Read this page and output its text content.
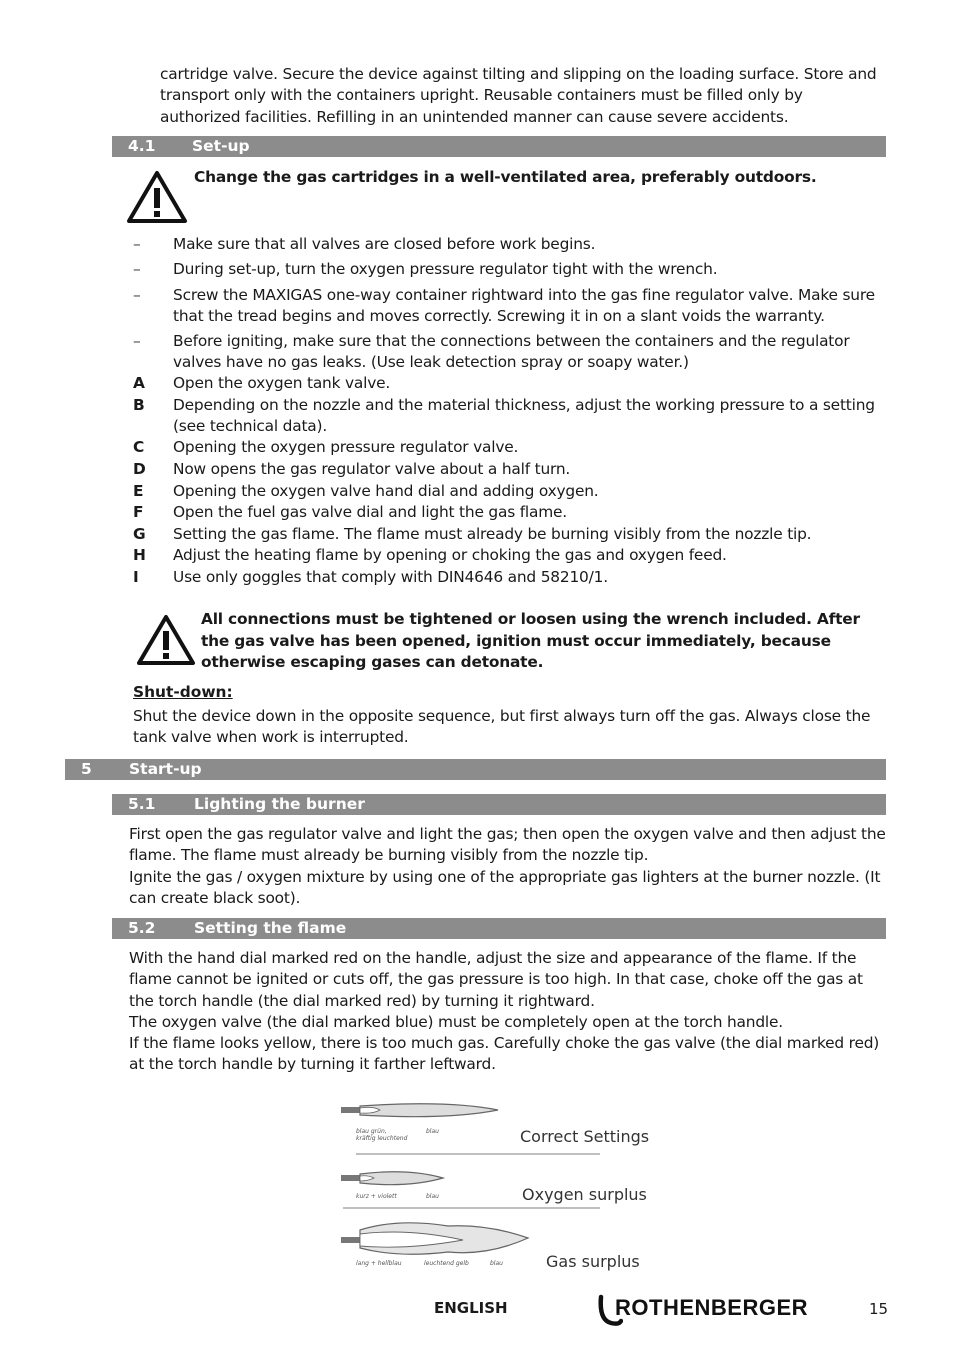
cartridge valve. Secure the device against tilting and slipping on the loading surface. Store and transport only with the containers upright. Reusable containers must be filled only by authorized facilities. Refilling in an unintended manner can cause severe accidents.
4.1 Set-up
Change the gas cartridges in a well-ventilated area, preferably outdoors.
–	Make sure that all valves are closed before work begins.
–	During set-up, turn the oxygen pressure regulator tight with the wrench.
–	Screw the MAXIGAS one-way container rightward into the gas fine regulator valve. Make sure that the tread begins and moves correctly. Screwing it in on a slant voids the warranty.
–	Before igniting, make sure that the connections between the containers and the regulator valves have no gas leaks. (Use leak detection spray or soapy water.)
A	Open the oxygen tank valve.
B	Depending on the nozzle and the material thickness, adjust the working pressure to a setting (see technical data).
C	Opening the oxygen pressure regulator valve.
D	Now opens the gas regulator valve about a half turn.
E	Opening the oxygen valve hand dial and adding oxygen.
F	Open the fuel gas valve dial and light the gas flame.
G	Setting the gas flame. The flame must already be burning visibly from the nozzle tip.
H	Adjust the heating flame by opening or choking the gas and oxygen feed.
I	Use only goggles that comply with DIN4646 and 58210/1.
All connections must be tightened or loosen using the wrench included. After the gas valve has been opened, ignition must occur immediately, because otherwise escaping gases can detonate.
Shut-down:
Shut the device down in the opposite sequence, but first always turn off the gas. Always close the tank valve when work is interrupted.
5 Start-up
5.1 Lighting the burner
First open the gas regulator valve and light the gas; then open the oxygen valve and then adjust the flame. The flame must already be burning visibly from the nozzle tip.
Ignite the gas / oxygen mixture by using one of the appropriate gas lighters at the burner nozzle. (It can create black soot).
5.2 Setting the flame
With the hand dial marked red on the handle, adjust the size and appearance of the flame. If the flame cannot be ignited or cuts off, the gas pressure is too high. In that case, choke off the gas at the torch handle (the dial marked red) by turning it rightward.
The oxygen valve (the dial marked blue) must be completely open at the torch handle.
If the flame looks yellow, there is too much gas. Carefully choke the gas valve (the dial marked red) at the torch handle by turning it farther leftward.
Correct Settings
Oxygen surplus
Gas surplus
blau grün,
kräftig leuchtend
blau
kurz + violett	blau
lang + hellblau	leuchtend gelb	blau
ENGLISH	ROTHENBERGER	15
